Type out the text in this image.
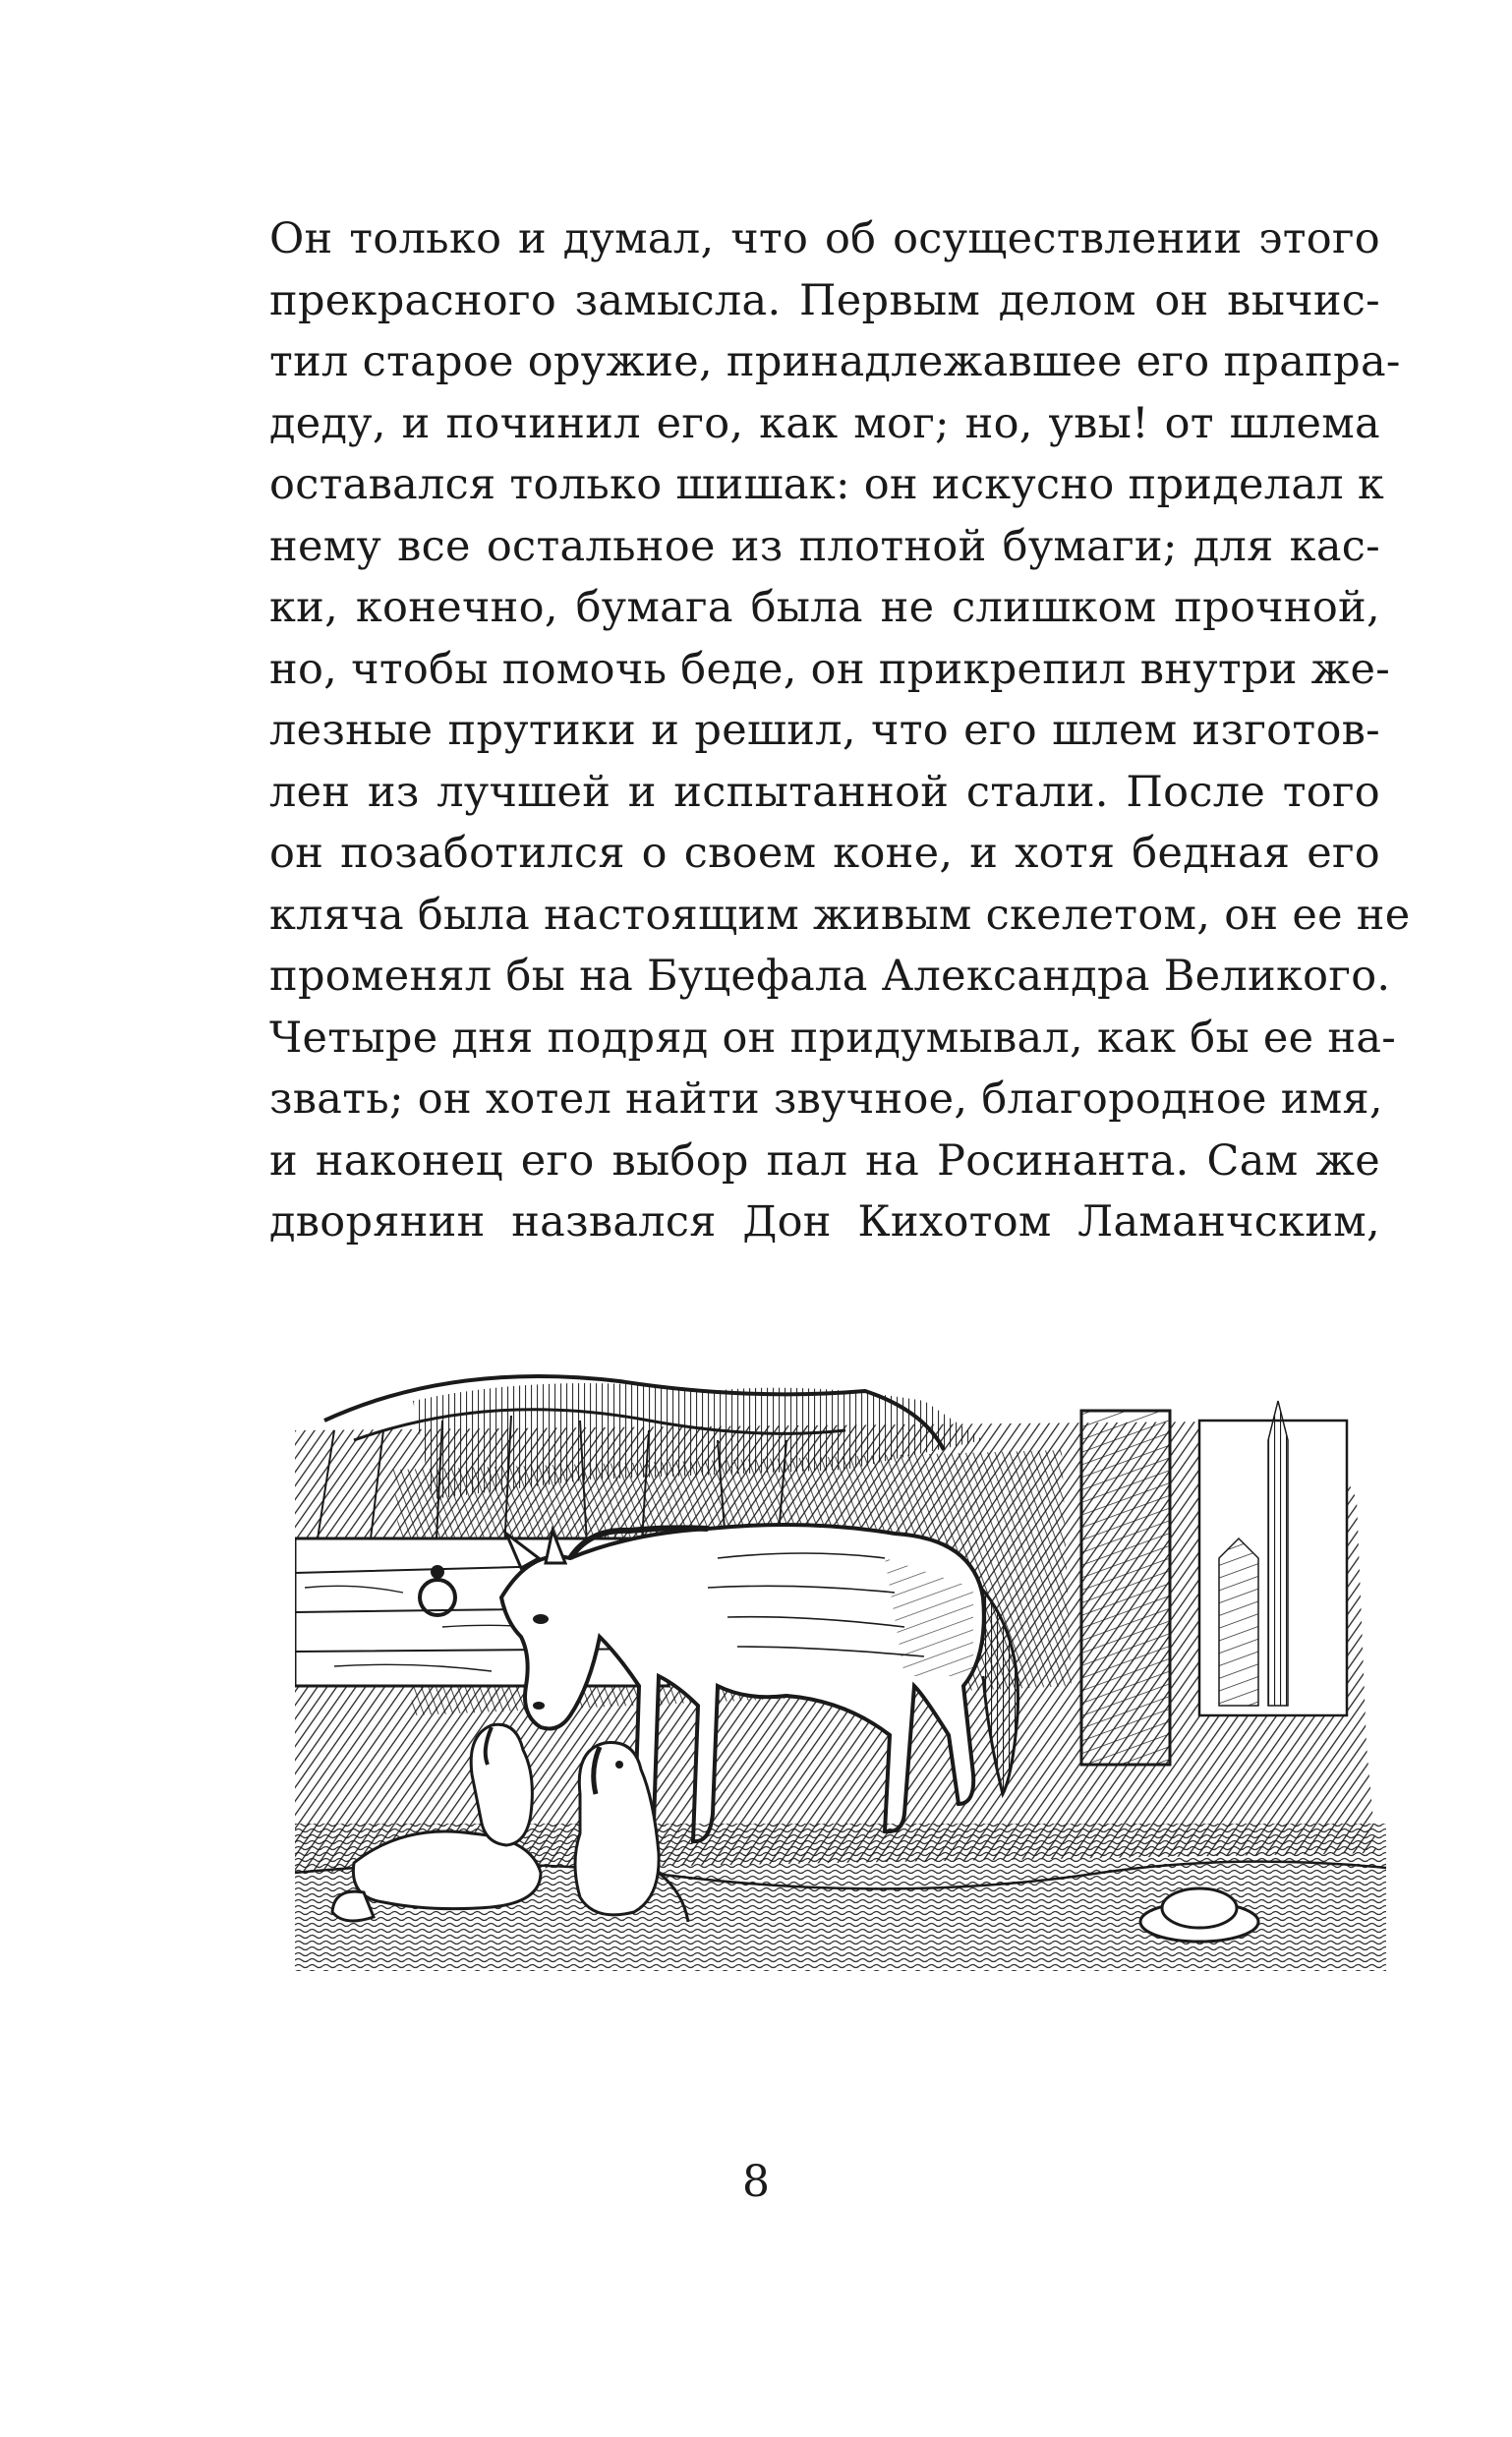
Он только и думал, что об осуществлении этого
прекрасного замысла. Первым делом он вычис-
тил старое оружие, принадлежавшее его прапра-
деду, и починил его, как мог; но, увы! от шлема
оставался только шишак: он искусно приделал к
нему все остальное из плотной бумаги; для кас-
ки, конечно, бумага была не слишком прочной,
но, чтобы помочь беде, он прикрепил внутри же-
лезные прутики и решил, что его шлем изготов-
лен из лучшей и испытанной стали. После того
он позаботился о своем коне, и хотя бедная его
кляча была настоящим живым скелетом, он ее не
променял бы на Буцефала Александра Великого.
Четыре дня подряд он придумывал, как бы ее на-
звать; он хотел найти звучное, благородное имя,
и наконец его выбор пал на Росинанта. Сам же
дворянин назвался Дон Кихотом Ламанчским,
8
